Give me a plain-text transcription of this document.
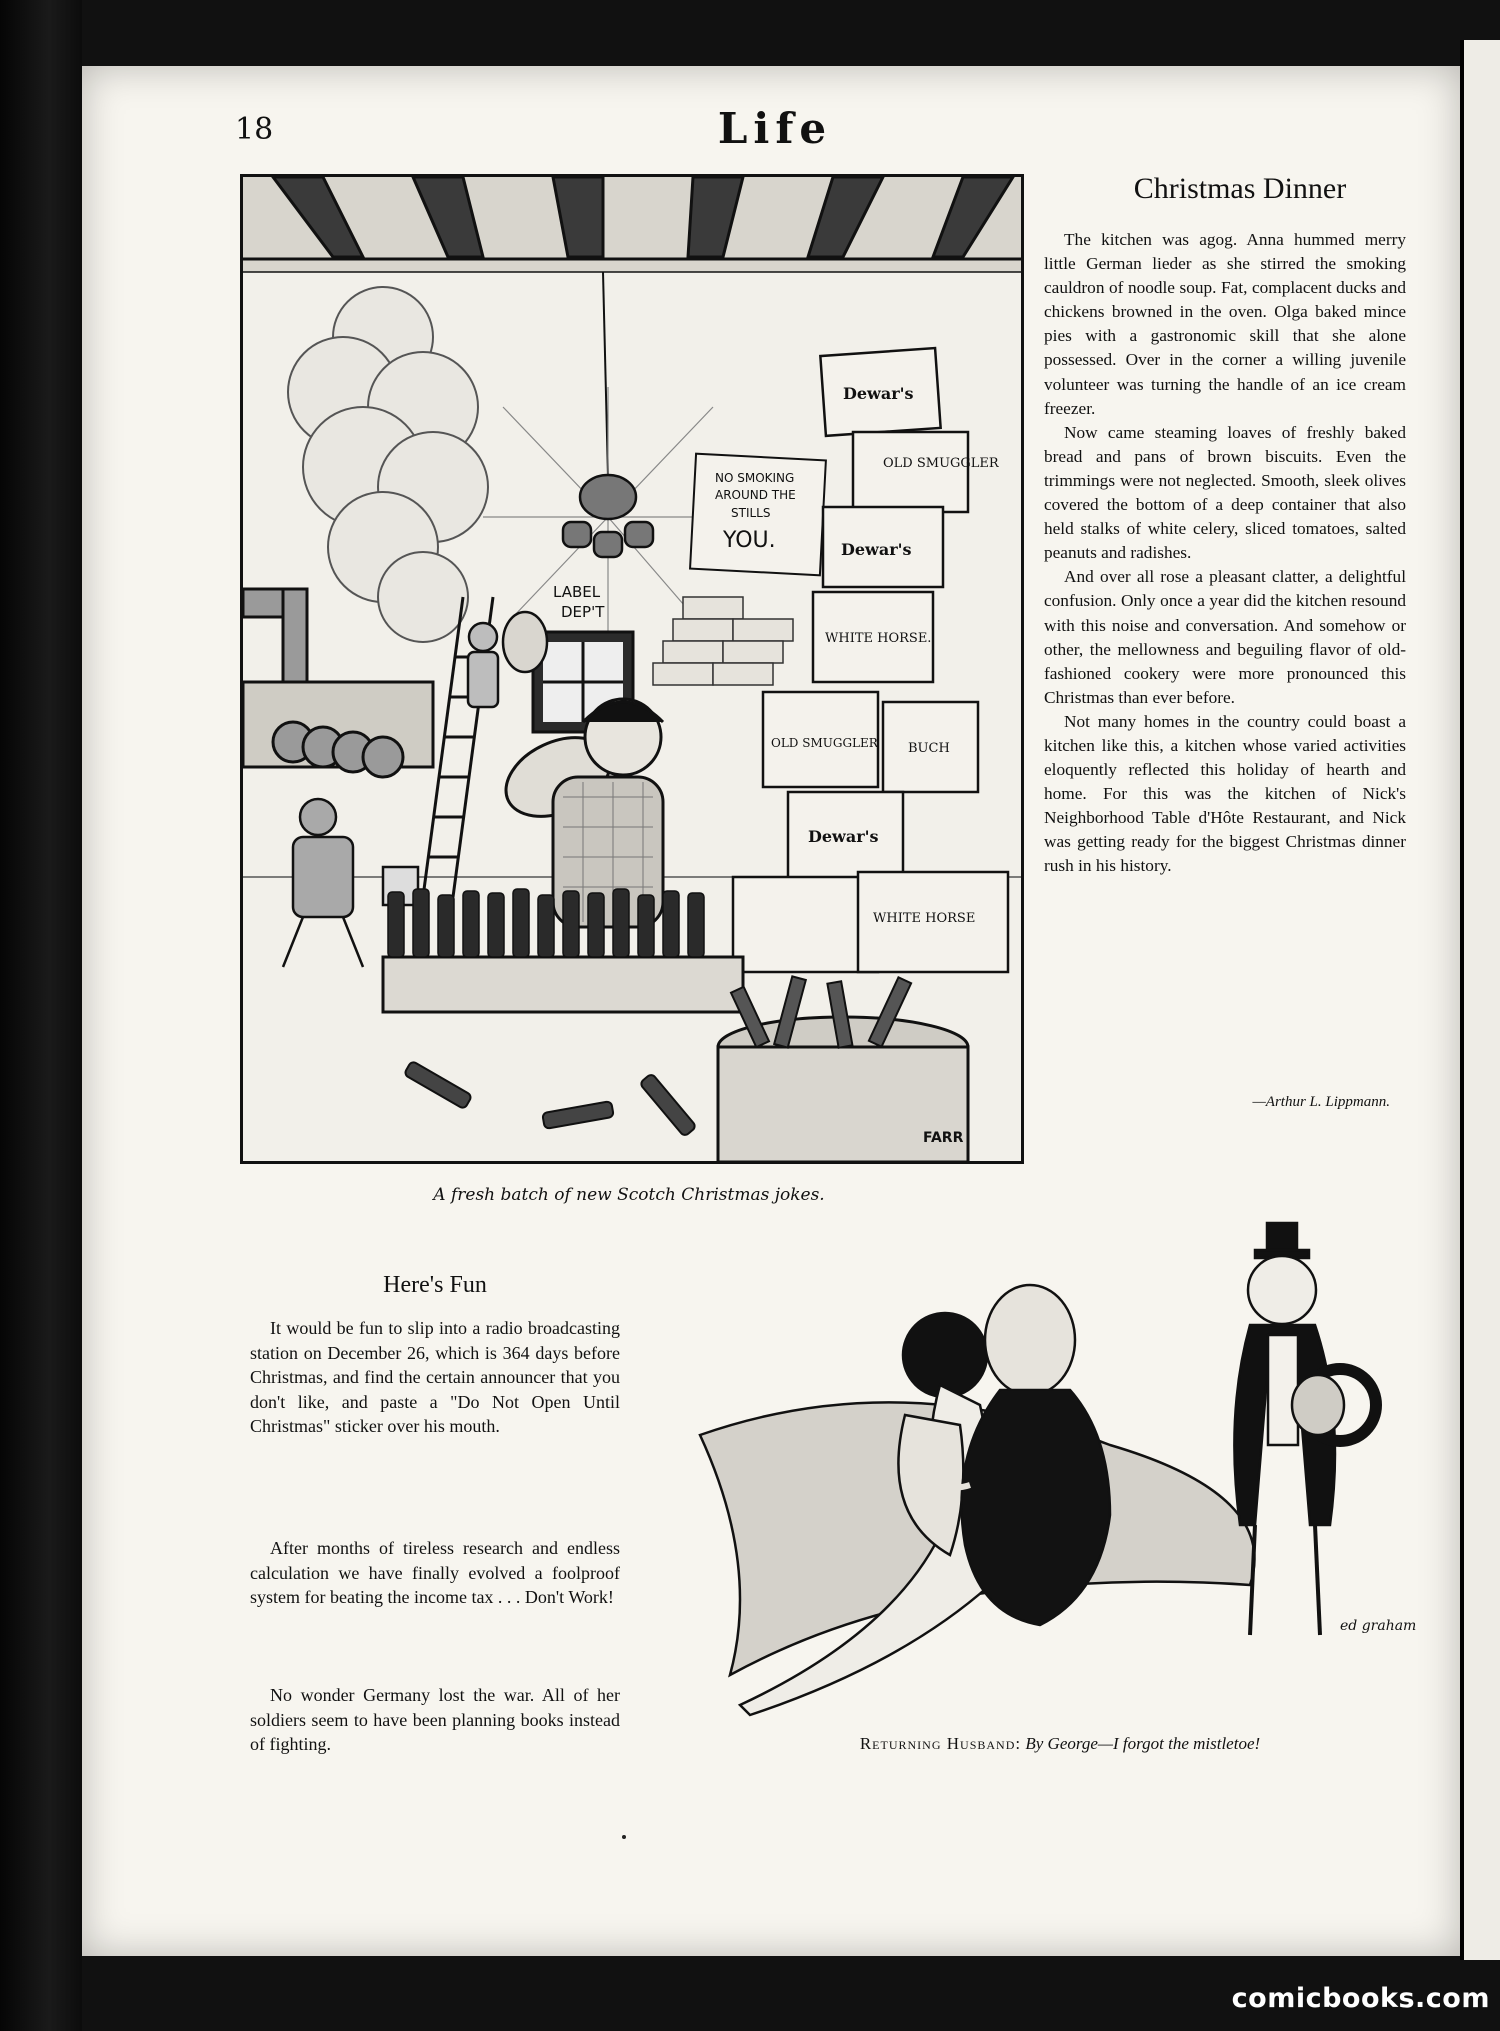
18	Life
NO SMOKING
AROUND THE
STILLS
YOU.
LABEL
DEP'T
Dewar's
OLD SMUGGLER
Dewar's
WHITE HORSE.
OLD SMUGGLER BUCH
Dewar's
WHITE HORSE
FARR
A fresh batch of new Scotch Christmas jokes.
Christmas Dinner

The kitchen was agog. Anna hummed merry little German lieder as she stirred the smoking cauldron of noodle soup. Fat, complacent ducks and chickens browned in the oven. Olga baked mince pies with a gastronomic skill that she alone possessed. Over in the corner a willing juvenile volunteer was turning the handle of an ice cream freezer.

Now came steaming loaves of freshly baked bread and pans of brown biscuits. Even the trimmings were not neglected. Smooth, sleek olives covered the bottom of a deep container that also held stalks of white celery, sliced tomatoes, salted peanuts and radishes.

And over all rose a pleasant clatter, a delightful confusion. Only once a year did the kitchen resound with this noise and conversation. And somehow or other, the mellowness and beguiling flavor of old-fashioned cookery were more pronounced this Christmas than ever before.

Not many homes in the country could boast a kitchen like this, a kitchen whose varied activities eloquently reflected this holiday of hearth and home. For this was the kitchen of Nick's Neighborhood Table d'Hôte Restaurant, and Nick was getting ready for the biggest Christmas dinner rush in his history.

—Arthur L. Lippmann.
Here's Fun
It would be fun to slip into a radio broadcasting station on December 26, which is 364 days before Christmas, and find the certain announcer that you don't like, and paste a "Do Not Open Until Christmas" sticker over his mouth.
After months of tireless research and endless calculation we have finally evolved a foolproof system for beating the income tax . . . Don't Work!
No wonder Germany lost the war. All of her soldiers seem to have been planning books instead of fighting.
ed graham
Returning Husband: By George—I forgot the mistletoe!
comicbooks.com
